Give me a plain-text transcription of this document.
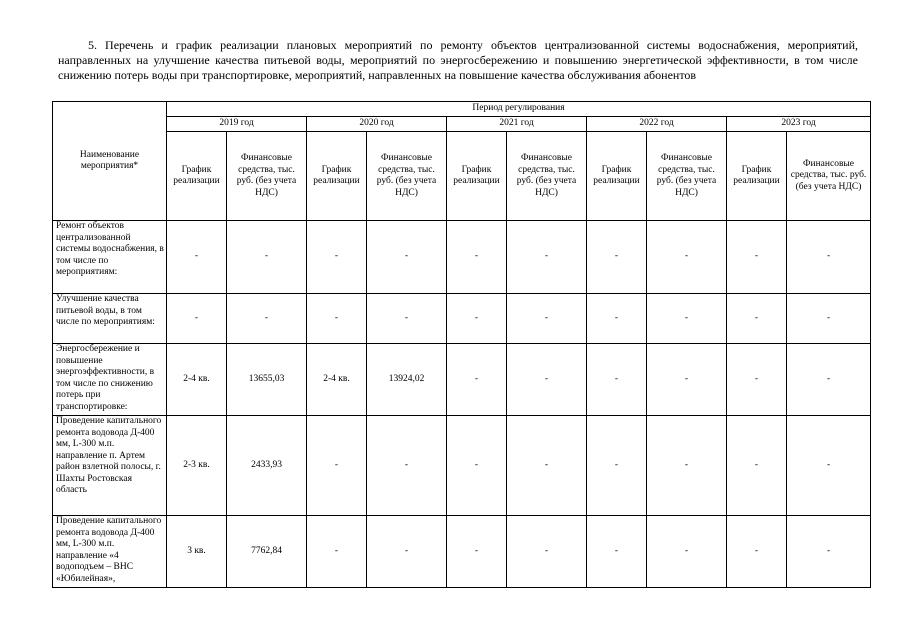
5. Перечень и график реализации плановых мероприятий по ремонту объектов централизованной системы водоснабжения, мероприятий, направленных на улучшение качества питьевой воды, мероприятий по энергосбережению и повышению энергетической эффективности, в том числе снижению потерь воды при транспортировке, мероприятий, направленных на повышение качества обслуживания абонентов
Наименование мероприятия*	Период регулирования									
	2019 год		2020 год		2021 год		2022 год		2023 год	
	График реализации	Финансовые средства, тыс. руб. (без учета НДС)	График реализации	Финансовые средства, тыс. руб. (без учета НДС)	График реализации	Финансовые средства, тыс. руб. (без учета НДС)	График реализации	Финансовые средства, тыс. руб. (без учета НДС)	График реализации	Финансовые средства, тыс. руб. (без учета НДС)
Ремонт объектов централизованной системы водоснабжения, в том числе по мероприятиям:	-	-	-	-	-	-	-	-	-	-
Улучшение качества питьевой воды, в том числе по мероприятиям:	-	-	-	-	-	-	-	-	-	-
Энергосбережение и повышение энергоэффективности, в том числе по снижению потерь при транспортировке:	2-4 кв.	13655,03	2-4 кв.	13924,02	-	-	-	-	-	-
Проведение капитального ремонта водовода Д-400 мм, L-300 м.п. направление п. Артем район взлетной полосы, г. Шахты Ростовская область	2-3 кв.	2433,93	-	-	-	-	-	-	-	-
Проведение капитального ремонта водовода Д-400 мм, L-300 м.п. направление «4 водоподъем – ВНС «Юбилейная»,	3 кв.	7762,84	-	-	-	-	-	-	-	-
